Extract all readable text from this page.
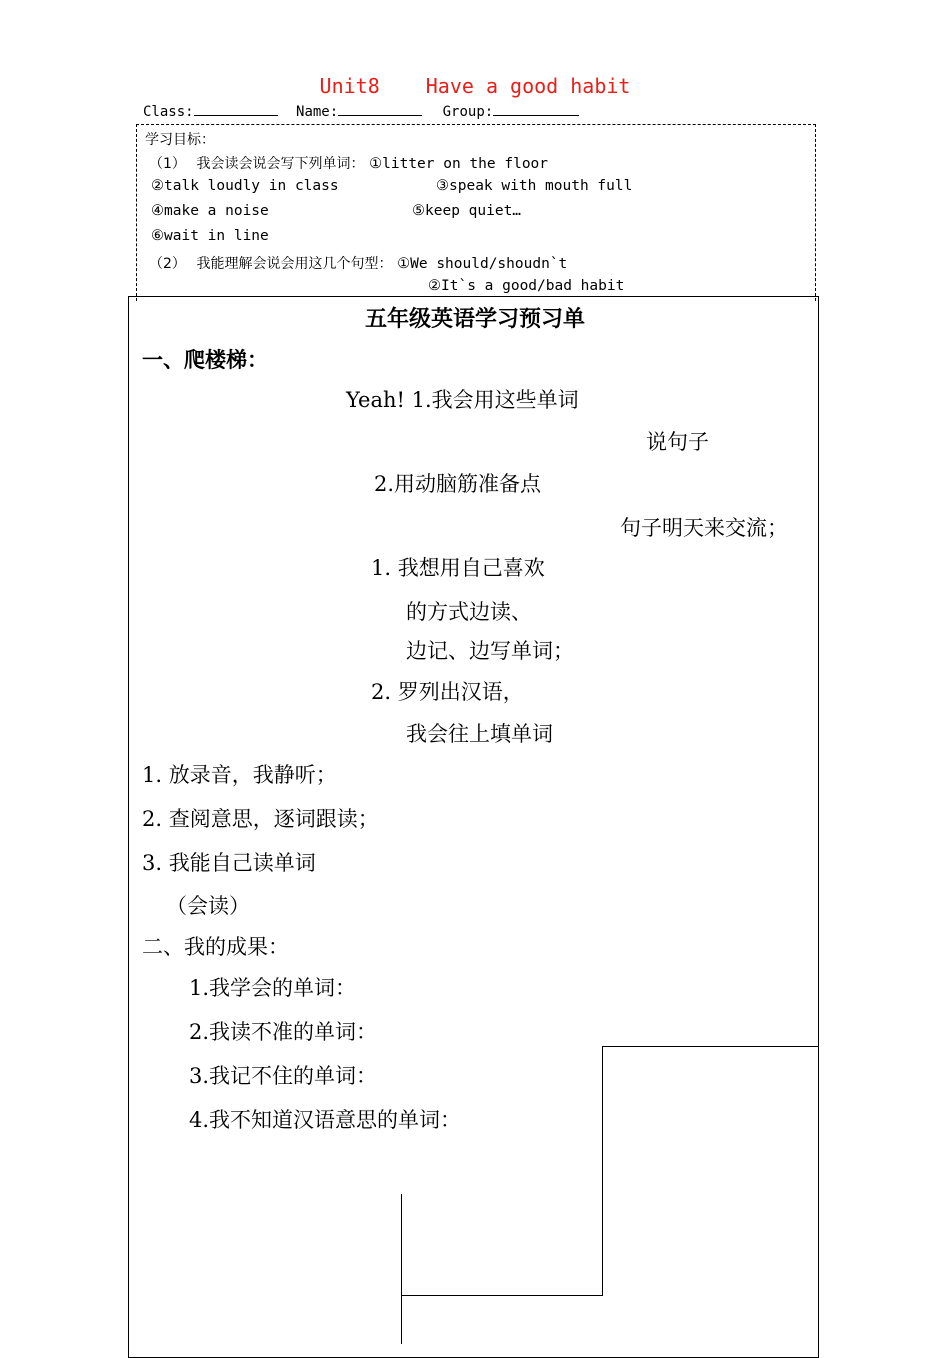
Unit8 Have a good habit
Class:	Name:	Group:
学习目标：
（1） 我会读会说会写下列单词： ①litter on the floor
②talk loudly in class	③speak with mouth full
④make a noise	⑤keep quiet…
⑥wait in line
（2） 我能理解会说会用这几个句型： ①We should/shoudn`t
②It`s a good/bad habit
五年级英语学习预习单
一、爬楼梯：
Yeah! 1.我会用这些单词
说句子
2.用动脑筋准备点
句子明天来交流；
1. 我想用自己喜欢
的方式边读、
边记、边写单词；
2. 罗列出汉语，
我会往上填单词
1. 放录音，我静听；
2. 查阅意思，逐词跟读；
3. 我能自己读单词
（会读）
二、我的成果：
1.我学会的单词：
2.我读不准的单词：
3.我记不住的单词：
4.我不知道汉语意思的单词：
